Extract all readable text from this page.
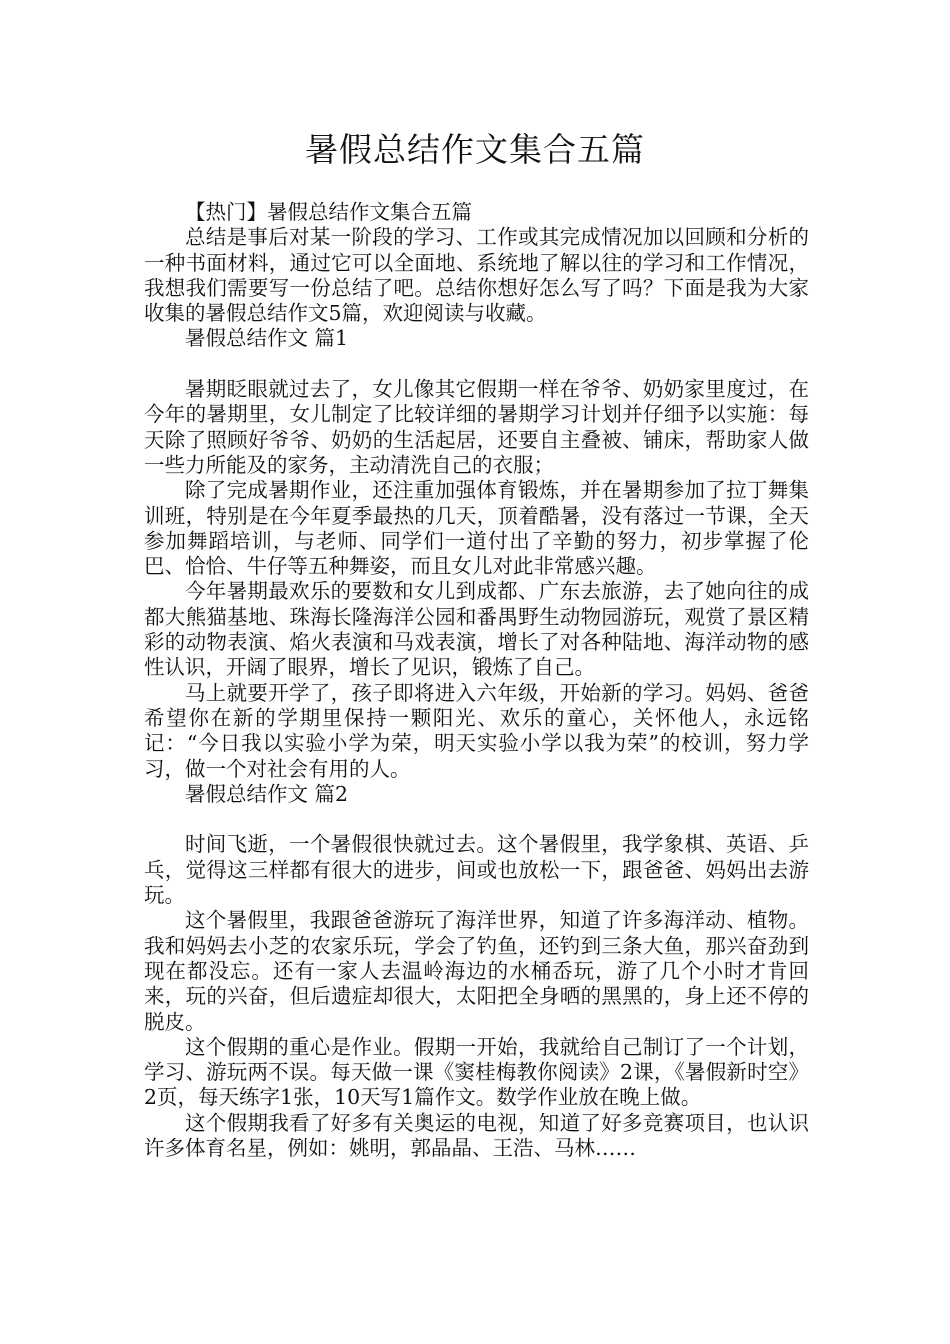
暑假总结作文集合五篇

【热门】暑假总结作文集合五篇

总结是事后对某一阶段的学习、工作或其完成情况加以回顾和分析的一种书面材料，通过它可以全面地、系统地了解以往的学习和工作情况，我想我们需要写一份总结了吧。总结你想好怎么写了吗？下面是我为大家收集的暑假总结作文5篇，欢迎阅读与收藏。

暑假总结作文 篇1

暑期眨眼就过去了，女儿像其它假期一样在爷爷、奶奶家里度过，在今年的暑期里，女儿制定了比较详细的暑期学习计划并仔细予以实施：每天除了照顾好爷爷、奶奶的生活起居，还要自主叠被、铺床，帮助家人做一些力所能及的家务，主动清洗自己的衣服；

除了完成暑期作业，还注重加强体育锻炼，并在暑期参加了拉丁舞集训班，特别是在今年夏季最热的几天，顶着酷暑，没有落过一节课，全天参加舞蹈培训，与老师、同学们一道付出了辛勤的努力，初步掌握了伦巴、恰恰、牛仔等五种舞姿，而且女儿对此非常感兴趣。

今年暑期最欢乐的要数和女儿到成都、广东去旅游，去了她向往的成都大熊猫基地、珠海长隆海洋公园和番禺野生动物园游玩，观赏了景区精彩的动物表演、焰火表演和马戏表演，增长了对各种陆地、海洋动物的感性认识，开阔了眼界，增长了见识，锻炼了自己。

马上就要开学了，孩子即将进入六年级，开始新的学习。妈妈、爸爸希望你在新的学期里保持一颗阳光、欢乐的童心，关怀他人，永远铭记：“今日我以实验小学为荣，明天实验小学以我为荣”的校训，努力学习，做一个对社会有用的人。

暑假总结作文 篇2

时间飞逝，一个暑假很快就过去。这个暑假里，我学象棋、英语、乒乓，觉得这三样都有很大的进步，间或也放松一下，跟爸爸、妈妈出去游玩。

这个暑假里，我跟爸爸游玩了海洋世界，知道了许多海洋动、植物。我和妈妈去小芝的农家乐玩，学会了钓鱼，还钓到三条大鱼，那兴奋劲到现在都没忘。还有一家人去温岭海边的水桶岙玩，游了几个小时才肯回来，玩的兴奋，但后遗症却很大，太阳把全身晒的黑黑的，身上还不停的脱皮。

这个假期的重心是作业。假期一开始，我就给自己制订了一个计划，学习、游玩两不误。每天做一课《窦桂梅教你阅读》2课，《暑假新时空》2页，每天练字1张，10天写1篇作文。数学作业放在晚上做。

这个假期我看了好多有关奥运的电视，知道了好多竞赛项目，也认识许多体育名星，例如：姚明，郭晶晶、王浩、马林……
